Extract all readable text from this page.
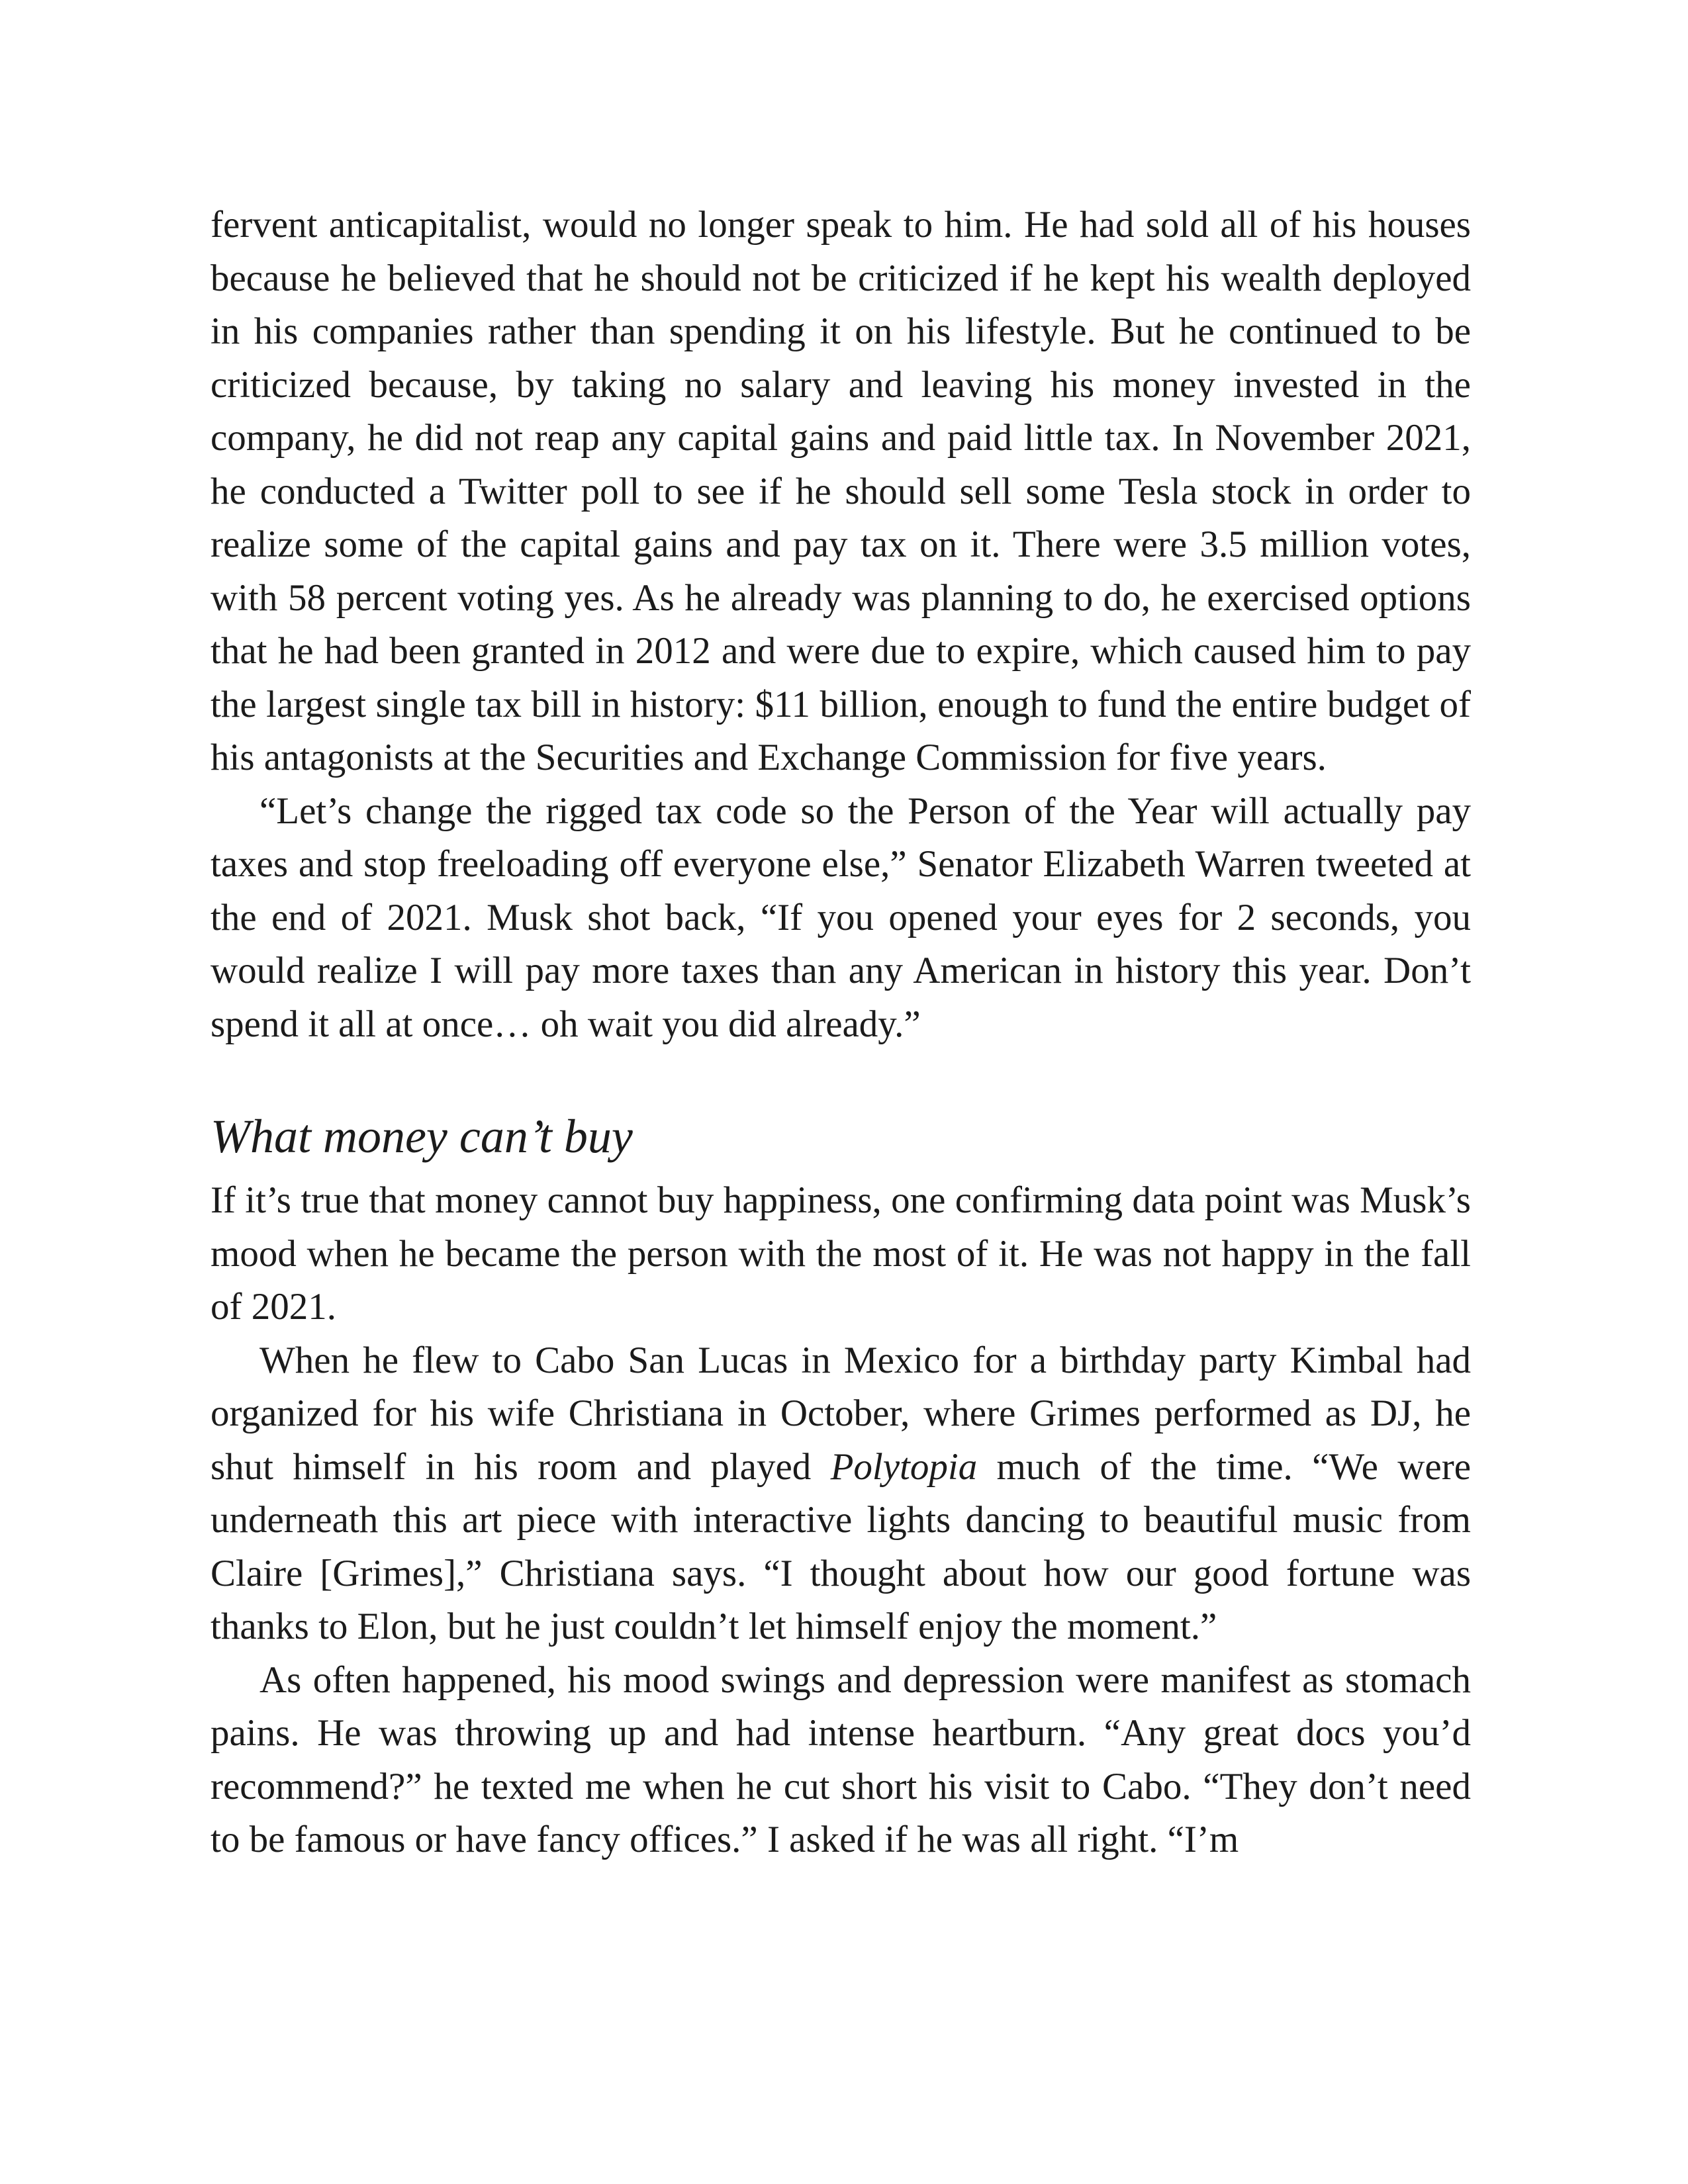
fervent anticapitalist, would no longer speak to him. He had sold all of his houses because he believed that he should not be criticized if he kept his wealth deployed in his companies rather than spending it on his lifestyle. But he continued to be criticized because, by taking no salary and leaving his money invested in the company, he did not reap any capital gains and paid little tax. In November 2021, he conducted a Twitter poll to see if he should sell some Tesla stock in order to realize some of the capital gains and pay tax on it. There were 3.5 million votes, with 58 percent voting yes. As he already was planning to do, he exercised options that he had been granted in 2012 and were due to expire, which caused him to pay the largest single tax bill in history: $11 billion, enough to fund the entire budget of his antagonists at the Securities and Exchange Commission for five years.

“Let’s change the rigged tax code so the Person of the Year will actually pay taxes and stop freeloading off everyone else,” Senator Elizabeth Warren tweeted at the end of 2021. Musk shot back, “If you opened your eyes for 2 seconds, you would realize I will pay more taxes than any American in history this year. Don’t spend it all at once… oh wait you did already.”

What money can’t buy

If it’s true that money cannot buy happiness, one confirming data point was Musk’s mood when he became the person with the most of it. He was not happy in the fall of 2021.

When he flew to Cabo San Lucas in Mexico for a birthday party Kimbal had organized for his wife Christiana in October, where Grimes performed as DJ, he shut himself in his room and played Polytopia much of the time. “We were underneath this art piece with interactive lights dancing to beautiful music from Claire [Grimes],” Christiana says. “I thought about how our good fortune was thanks to Elon, but he just couldn’t let himself enjoy the moment.”

As often happened, his mood swings and depression were manifest as stomach pains. He was throwing up and had intense heartburn. “Any great docs you’d recommend?” he texted me when he cut short his visit to Cabo. “They don’t need to be famous or have fancy offices.” I asked if he was all right. “I’m
